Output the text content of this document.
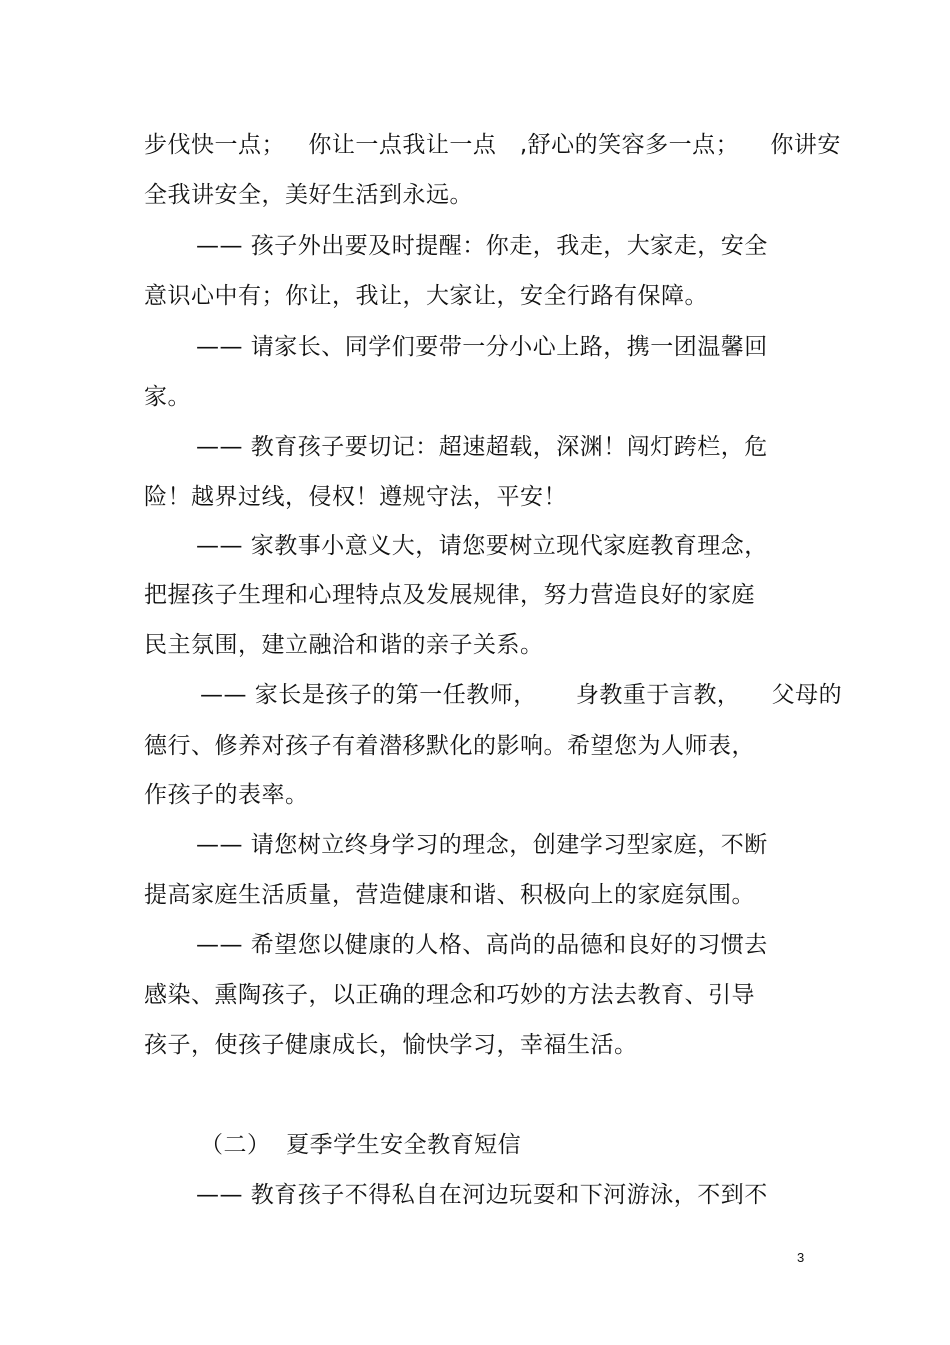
步伐快一点；   你让一点我让一点   ,舒心的笑容多一点；    你讲安
全我讲安全，美好生活到永远。
—— 孩子外出要及时提醒：你走，我走，大家走，安全
意识心中有；你让，我让，大家让，安全行路有保障。
—— 请家长、同学们要带一分小心上路，携一团温馨回
家。
—— 教育孩子要切记：超速超载，深渊！闯灯跨栏，危
险！越界过线，侵权！遵规守法，平安！
—— 家教事小意义大，请您要树立现代家庭教育理念，
把握孩子生理和心理特点及发展规律，努力营造良好的家庭
民主氛围，建立融洽和谐的亲子关系。
—— 家长是孩子的第一任教师，     身教重于言教，    父母的
德行、修养对孩子有着潜移默化的影响。希望您为人师表，
作孩子的表率。
—— 请您树立终身学习的理念，创建学习型家庭，不断
提高家庭生活质量，营造健康和谐、积极向上的家庭氛围。
—— 希望您以健康的人格、高尚的品德和良好的习惯去
感染、熏陶孩子，以正确的理念和巧妙的方法去教育、引导
孩子，使孩子健康成长，愉快学习，幸福生活。
（二）  夏季学生安全教育短信
—— 教育孩子不得私自在河边玩耍和下河游泳，不到不
3
